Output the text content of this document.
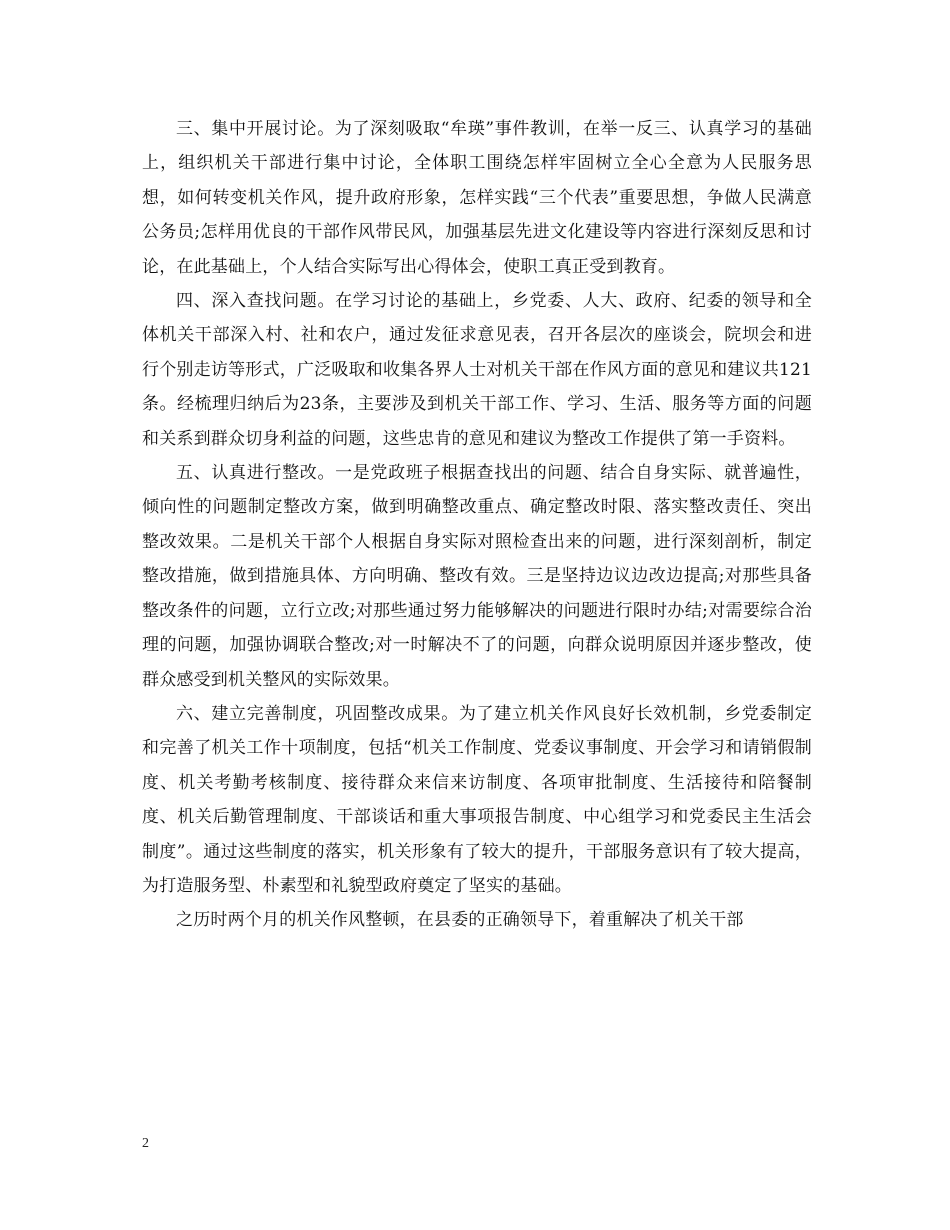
三、集中开展讨论。为了深刻吸取“牟瑛”事件教训，在举一反三、认真学习的基础上，组织机关干部进行集中讨论，全体职工围绕怎样牢固树立全心全意为人民服务思想，如何转变机关作风，提升政府形象，怎样实践“三个代表”重要思想，争做人民满意公务员;怎样用优良的干部作风带民风，加强基层先进文化建设等内容进行深刻反思和讨论，在此基础上，个人结合实际写出心得体会，使职工真正受到教育。

四、深入查找问题。在学习讨论的基础上，乡党委、人大、政府、纪委的领导和全体机关干部深入村、社和农户，通过发征求意见表，召开各层次的座谈会，院坝会和进行个别走访等形式，广泛吸取和收集各界人士对机关干部在作风方面的意见和建议共121条。经梳理归纳后为23条，主要涉及到机关干部工作、学习、生活、服务等方面的问题和关系到群众切身利益的问题，这些忠肯的意见和建议为整改工作提供了第一手资料。

五、认真进行整改。一是党政班子根据查找出的问题、结合自身实际、就普遍性，倾向性的问题制定整改方案，做到明确整改重点、确定整改时限、落实整改责任、突出整改效果。二是机关干部个人根据自身实际对照检查出来的问题，进行深刻剖析，制定整改措施，做到措施具体、方向明确、整改有效。三是坚持边议边改边提高;对那些具备整改条件的问题，立行立改;对那些通过努力能够解决的问题进行限时办结;对需要综合治理的问题，加强协调联合整改;对一时解决不了的问题，向群众说明原因并逐步整改，使群众感受到机关整风的实际效果。

六、建立完善制度，巩固整改成果。为了建立机关作风良好长效机制，乡党委制定和完善了机关工作十项制度，包括“机关工作制度、党委议事制度、开会学习和请销假制度、机关考勤考核制度、接待群众来信来访制度、各项审批制度、生活接待和陪餐制度、机关后勤管理制度、干部谈话和重大事项报告制度、中心组学习和党委民主生活会制度”。通过这些制度的落实，机关形象有了较大的提升，干部服务意识有了较大提高，为打造服务型、朴素型和礼貌型政府奠定了坚实的基础。

之历时两个月的机关作风整顿，在县委的正确领导下，着重解决了机关干部

2
